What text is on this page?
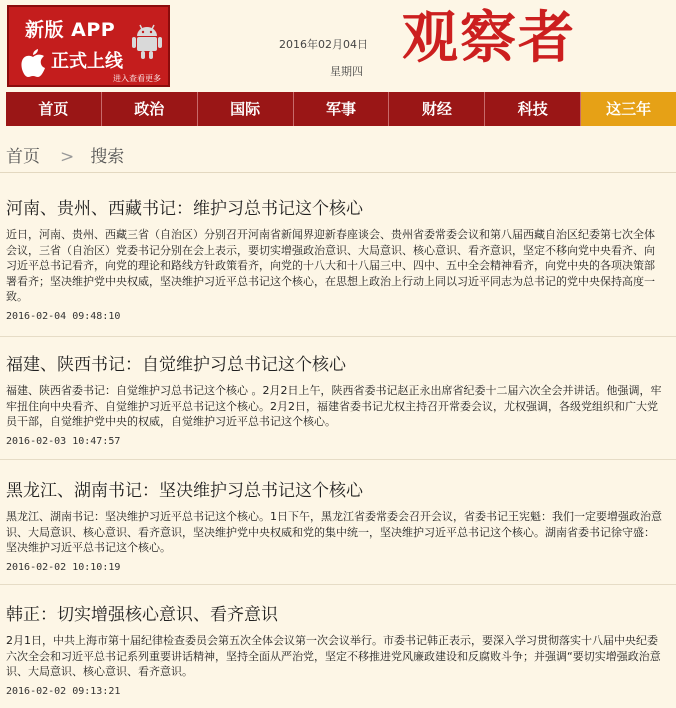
新版 APP
正式上线
进入查看更多
2016年02月04日
星期四
观察者
首页	政治	国际	军事	财经	科技	这三年
首页 > 搜索
河南、贵州、西藏书记：维护习总书记这个核心
近日，河南、贵州、西藏三省（自治区）分别召开河南省新闻界迎新春座谈会、贵州省委常委会议和第八届西藏自治区纪委第七次全体会议，三省（自治区）党委书记分别在会上表示，要切实增强政治意识、大局意识、核心意识、看齐意识，坚定不移向党中央看齐、向习近平总书记看齐，向党的理论和路线方针政策看齐，向党的十八大和十八届三中、四中、五中全会精神看齐，向党中央的各项决策部署看齐；坚决维护党中央权威，坚决维护习近平总书记这个核心，在思想上政治上行动上同以习近平同志为总书记的党中央保持高度一致。
2016-02-04 09:48:10
福建、陕西书记：自觉维护习总书记这个核心
福建、陕西省委书记：自觉维护习总书记这个核心 。2月2日上午，陕西省委书记赵正永出席省纪委十二届六次全会并讲话。他强调，牢牢扭住向中央看齐、自觉维护习近平总书记这个核心。2月2日，福建省委书记尤权主持召开常委会议，尤权强调，各级党组织和广大党员干部，自觉维护党中央的权威，自觉维护习近平总书记这个核心。
2016-02-03 10:47:57
黑龙江、湖南书记：坚决维护习总书记这个核心
黑龙江、湖南书记：坚决维护习近平总书记这个核心。1日下午，黑龙江省委常委会召开会议，省委书记王宪魁：我们一定要增强政治意识、大局意识、核心意识、看齐意识，坚决维护党中央权威和党的集中统一，坚决维护习近平总书记这个核心。湖南省委书记徐守盛：坚决维护习近平总书记这个核心。
2016-02-02 10:10:19
韩正：切实增强核心意识、看齐意识
2月1日，中共上海市第十届纪律检查委员会第五次全体会议第一次会议举行。市委书记韩正表示，要深入学习贯彻落实十八届中央纪委六次全会和习近平总书记系列重要讲话精神，坚持全面从严治党，坚定不移推进党风廉政建设和反腐败斗争；并强调“要切实增强政治意识、大局意识、核心意识、看齐意识。
2016-02-02 09:13:21
